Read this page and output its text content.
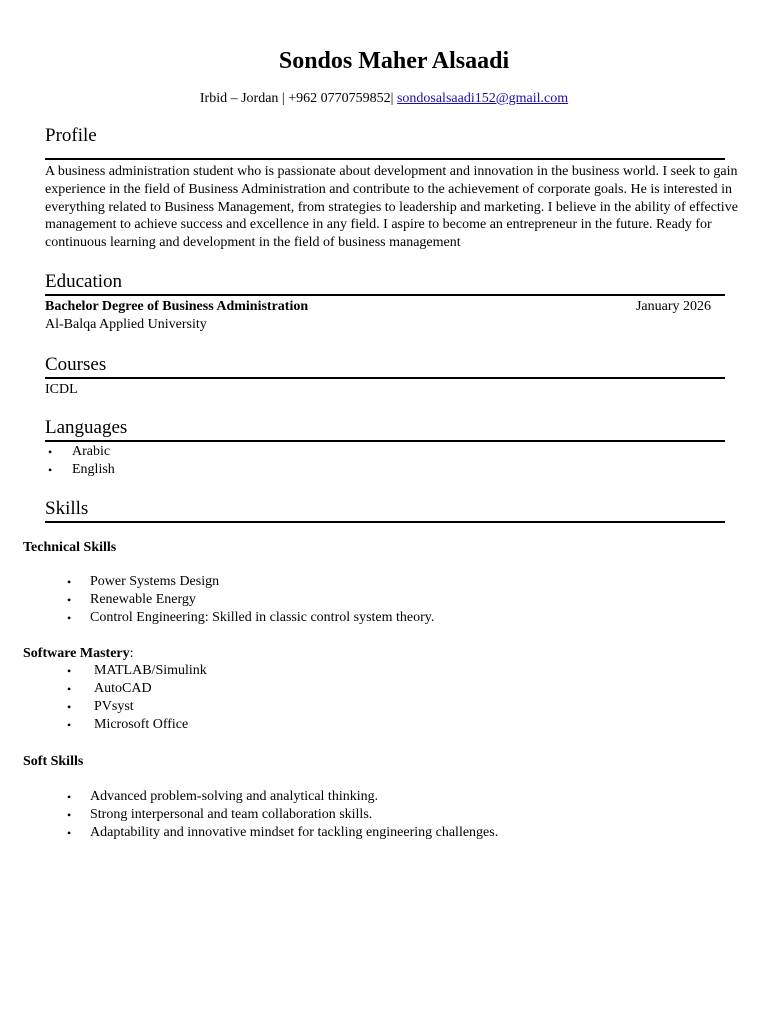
Sondos Maher Alsaadi
Irbid – Jordan | +962 0770759852| sondosalsaadi152@gmail.com
Profile
A business administration student who is passionate about development and innovation in the business world. I seek to gain experience in the field of Business Administration and contribute to the achievement of corporate goals. He is interested in everything related to Business Management, from strategies to leadership and marketing. I believe in the ability of effective management to achieve success and excellence in any field. I aspire to become an entrepreneur in the future. Ready for continuous learning and development in the field of business management
Education
Bachelor Degree of Business Administration	January 2026
Al-Balqa Applied University
Courses
ICDL
Languages
• Arabic
• English
Skills
Technical Skills
• Power Systems Design
• Renewable Energy
• Control Engineering: Skilled in classic control system theory.
Software Mastery:
• MATLAB/Simulink
• AutoCAD
• PVsyst
• Microsoft Office
Soft Skills
• Advanced problem-solving and analytical thinking.
• Strong interpersonal and team collaboration skills.
• Adaptability and innovative mindset for tackling engineering challenges.
